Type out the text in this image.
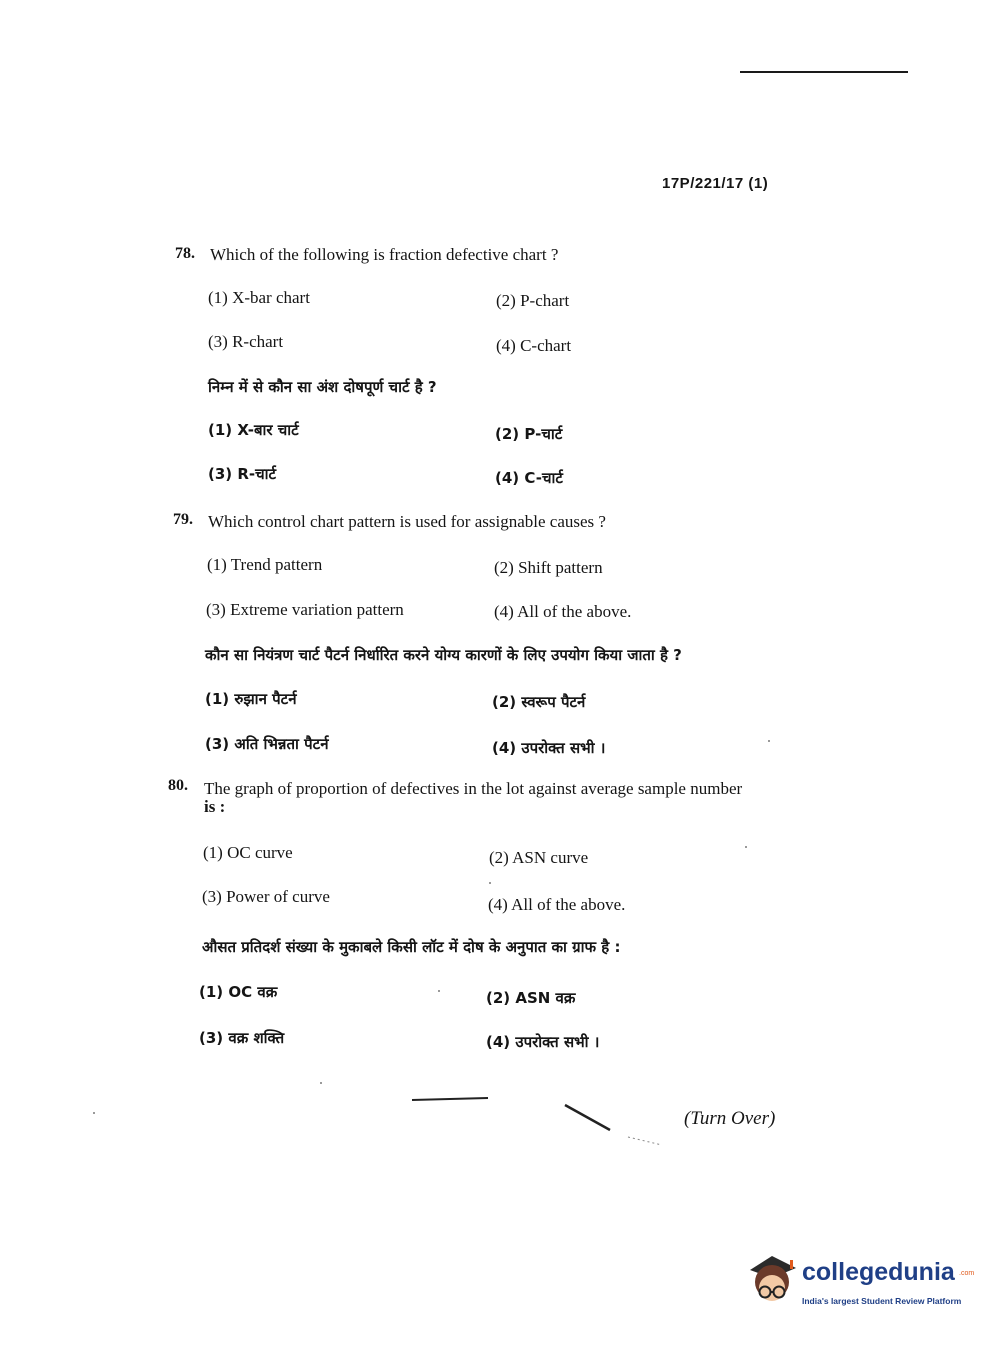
17P/221/17 (1)
78. Which of the following is fraction defective chart ?
(1) X-bar chart	(2) P-chart
(3) R-chart	(4) C-chart
निम्न में से कौन सा अंश दोषपूर्ण चार्ट है ?
(1) X-बार चार्ट	(2) P-चार्ट
(3) R-चार्ट	(4) C-चार्ट
79. Which control chart pattern is used for assignable causes ?
(1) Trend pattern	(2) Shift pattern
(3) Extreme variation pattern	(4) All of the above.
कौन सा नियंत्रण चार्ट पैटर्न निर्धारित करने योग्य कारणों के लिए उपयोग किया जाता है ?
(1) रुझान पैटर्न	(2) स्वरूप पैटर्न
(3) अति भिन्नता पैटर्न	(4) उपरोक्त सभी ।
80. The graph of proportion of defectives in the lot against average sample number
is :
(1) OC curve	(2) ASN curve
(3) Power of curve	(4) All of the above.
औसत प्रतिदर्श संख्या के मुकाबले किसी लॉट में दोष के अनुपात का ग्राफ है :
(1) OC वक्र	(2) ASN वक्र
(3) वक्र शक्ति	(4) उपरोक्त सभी ।
(Turn Over)
collegedunia .com
India's largest Student Review Platform
